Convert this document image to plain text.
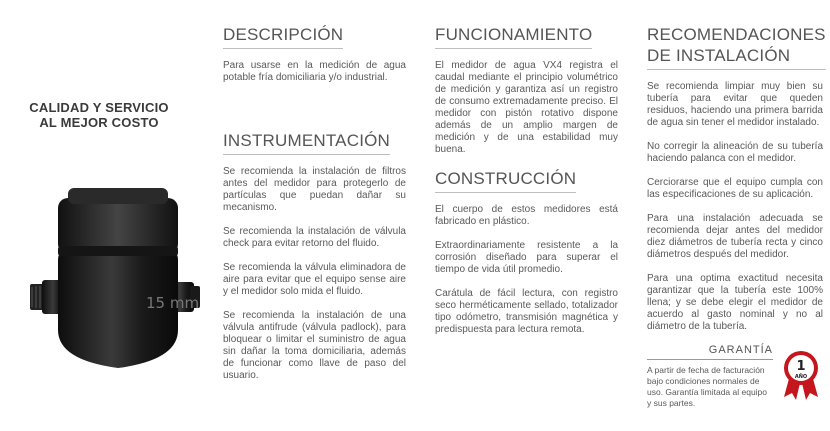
CALIDAD Y SERVICIO
AL MEJOR COSTO
15 mm
DESCRIPCIÓN

Para usarse en la medición de agua potable fría domiciliaria y/o industrial.

INSTRUMENTACIÓN

Se recomienda la instalación de filtros antes del medidor para protegerlo de partículas que puedan dañar su mecanismo.

Se recomienda la instalación de válvula check para evitar retorno del fluido.

Se recomienda la válvula eliminadora de aire para evitar que el equipo sense aire y el medidor solo mida el fluido.

Se recomienda la instalación de una válvula antifrude (válvula padlock), para bloquear o limitar el suministro de agua sin dañar la toma domiciliaria, además de funcionar como llave de paso del usuario.

FUNCIONAMIENTO

El medidor de agua VX4 registra el caudal mediante el principio volumétrico de medición y garantiza así un registro de consumo extremadamente preciso. El medidor con pistón rotativo dispone además de un amplio margen de medición y de una estabilidad muy buena.

CONSTRUCCIÓN

El cuerpo de estos medidores está fabricado en plástico.

Extraordinariamente resistente a la corrosión diseñado para superar el tiempo de vida útil promedio.

Carátula de fácil lectura, con registro seco herméticamente sellado, totalizador tipo odómetro, transmisión magnética y predispuesta para lectura remota.

RECOMENDACIONES
DE INSTALACIÓN

Se recomienda limpiar muy bien su tubería para evitar que queden residuos, haciendo una primera barrida de agua sin tener el medidor instalado.

No corregir la alineación de su tubería haciendo palanca con el medidor.

Cerciorarse que el equipo cumpla con las especificaciones de su aplicación.

Para una instalación adecuada se recomienda dejar antes del medidor diez diámetros de tubería recta y cinco diámetros después del medidor.

Para una optima exactitud necesita garantizar que la tubería este 100% llena; y se debe elegir el medidor de acuerdo al gasto nominal y no al diámetro de la tubería.

GARANTÍA

A partir de fecha de facturación bajo condiciones normales de uso. Garantía limitada al equipo y sus partes.

1
AÑO
